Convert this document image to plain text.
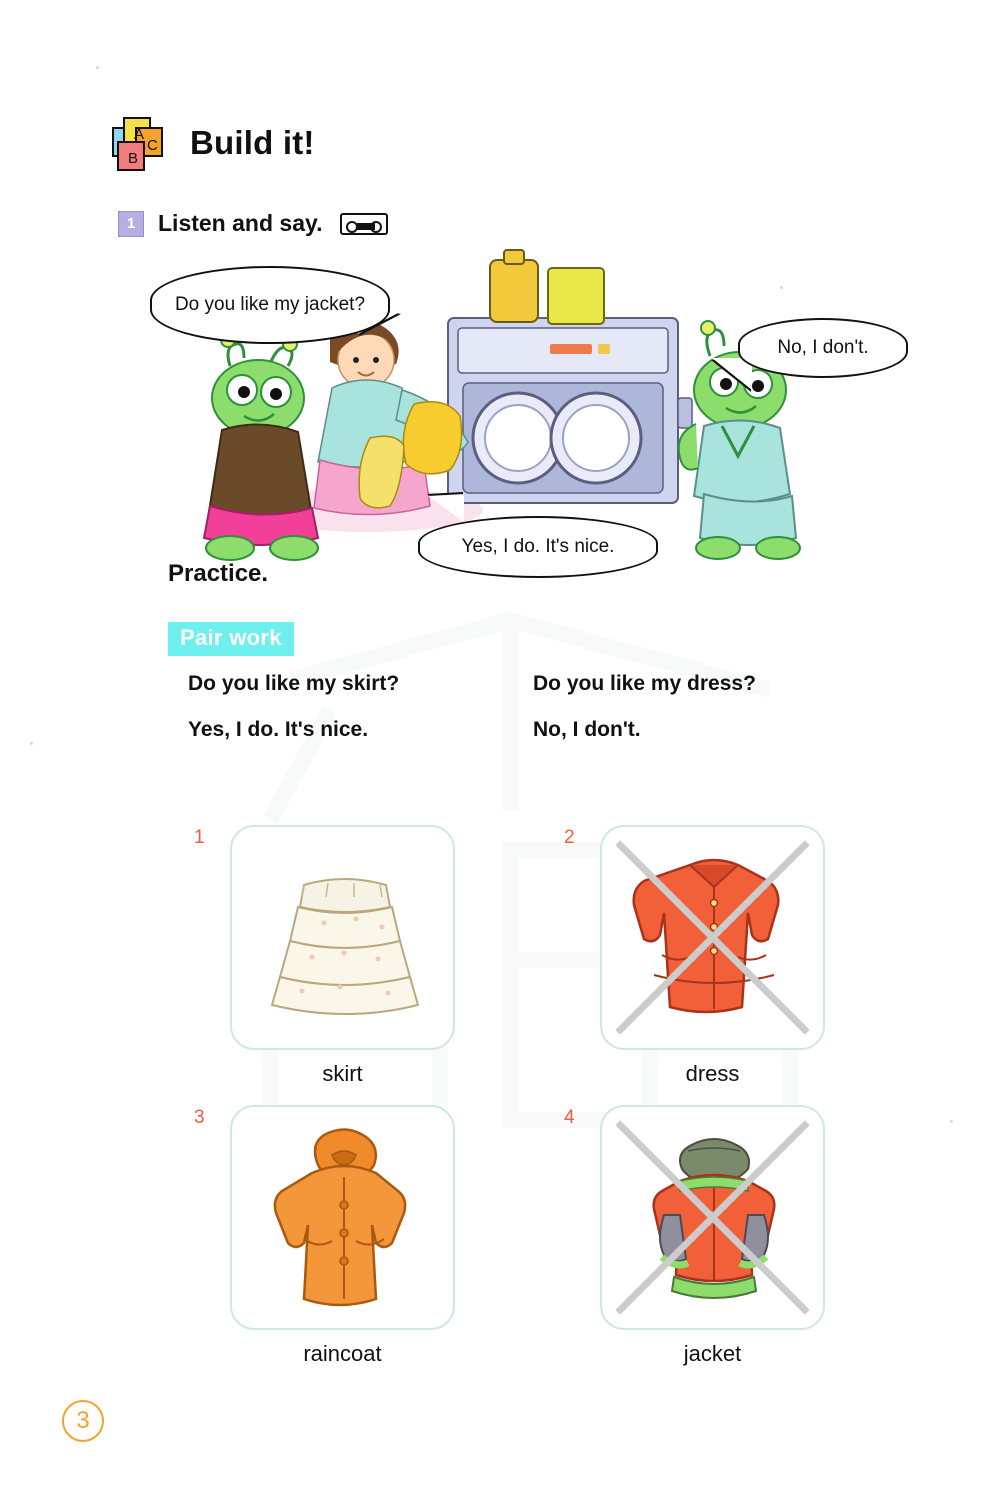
A
B
C Build it!
1 Listen and say.
Do you like my jacket?
Yes, I do. It's nice.
No, I don't.
Practice.
Pair work

Do you like my skirt?

Yes, I do. It's nice.

Do you like my dress?

No, I don't.

1
skirt
2
dress
3
raincoat
4
jacket
3
